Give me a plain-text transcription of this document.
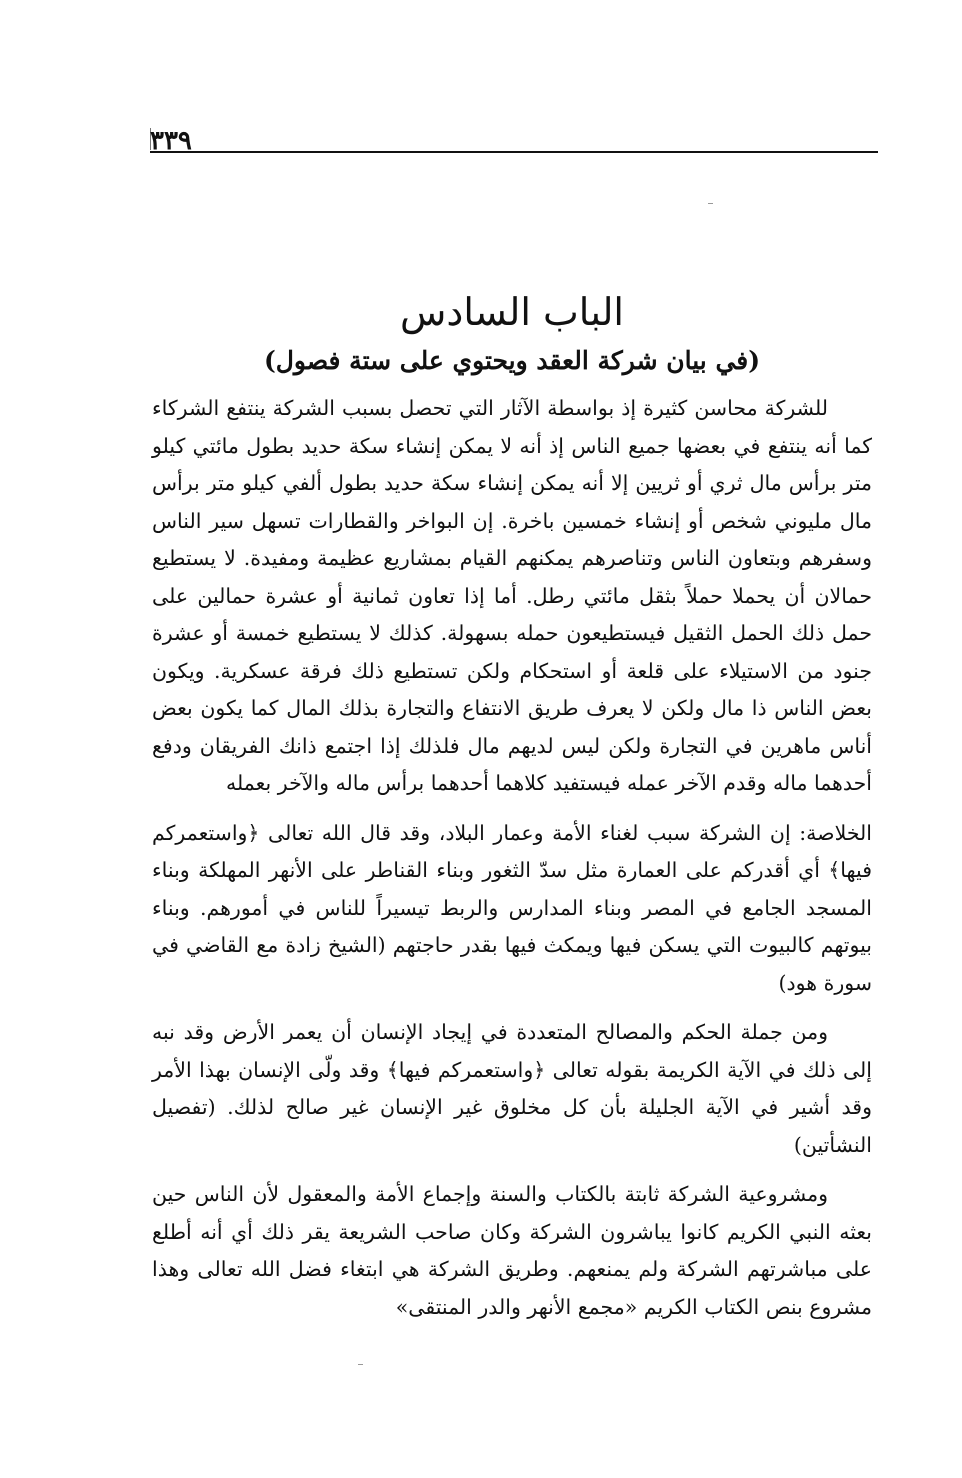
٣٣٩
الباب السادس
(في بيان شركة العقد ويحتوي على ستة فصول)

للشركة محاسن كثيرة إذ بواسطة الآثار التي تحصل بسبب الشركة ينتفع الشركاء كما أنه ينتفع في بعضها جميع الناس إذ أنه لا يمكن إنشاء سكة حديد بطول مائتي كيلو متر برأس مال ثري أو ثريين إلا أنه يمكن إنشاء سكة حديد بطول ألفي كيلو متر برأس مال مليوني شخص أو إنشاء خمسين باخرة. إن البواخر والقطارات تسهل سير الناس وسفرهم وبتعاون الناس وتناصرهم يمكنهم القيام بمشاريع عظيمة ومفيدة. لا يستطيع حمالان أن يحملا حملاً بثقل مائتي رطل. أما إذا تعاون ثمانية أو عشرة حمالين على حمل ذلك الحمل الثقيل فيستطيعون حمله بسهولة. كذلك لا يستطيع خمسة أو عشرة جنود من الاستيلاء على قلعة أو استحكام ولكن تستطيع ذلك فرقة عسكرية. ويكون بعض الناس ذا مال ولكن لا يعرف طريق الانتفاع والتجارة بذلك المال كما يكون بعض أناس ماهرين في التجارة ولكن ليس لديهم مال فلذلك إذا اجتمع ذانك الفريقان ودفع أحدهما ماله وقدم الآخر عمله فيستفيد كلاهما أحدهما برأس ماله والآخر بعمله

الخلاصة: إن الشركة سبب لغناء الأمة وعمار البلاد، وقد قال الله تعالى ﴿واستعمركم فيها﴾ أي أقدركم على العمارة مثل سدّ الثغور وبناء القناطر على الأنهر المهلكة وبناء المسجد الجامع في المصر وبناء المدارس والربط تيسيراً للناس في أمورهم. وبناء بيوتهم كالبيوت التي يسكن فيها ويمكث فيها بقدر حاجتهم (الشيخ زادة مع القاضي في سورة هود)

ومن جملة الحكم والمصالح المتعددة في إيجاد الإنسان أن يعمر الأرض وقد نبه إلى ذلك في الآية الكريمة بقوله تعالى ﴿واستعمركم فيها﴾ وقد ولّى الإنسان بهذا الأمر وقد أشير في الآية الجليلة بأن كل مخلوق غير الإنسان غير صالح لذلك. (تفصيل النشأتين)

ومشروعية الشركة ثابتة بالكتاب والسنة وإجماع الأمة والمعقول لأن الناس حين بعثه النبي الكريم كانوا يباشرون الشركة وكان صاحب الشريعة يقر ذلك أي أنه أطلع على مباشرتهم الشركة ولم يمنعهم. وطريق الشركة هي ابتغاء فضل الله تعالى وهذا مشروع بنص الكتاب الكريم «مجمع الأنهر والدر المنتقى»
